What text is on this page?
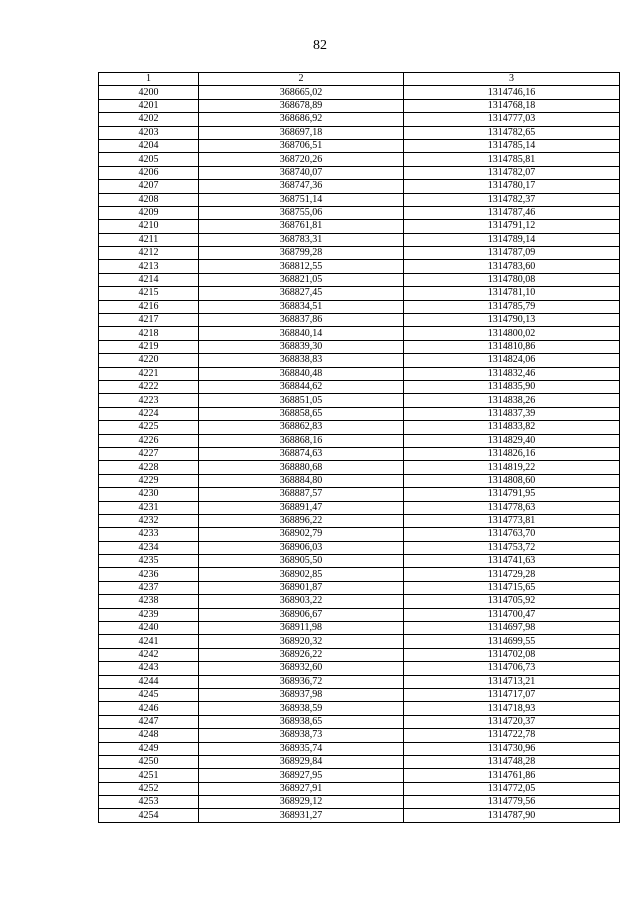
82
1	2	3
4200	368665,02	1314746,16
4201	368678,89	1314768,18
4202	368686,92	1314777,03
4203	368697,18	1314782,65
4204	368706,51	1314785,14
4205	368720,26	1314785,81
4206	368740,07	1314782,07
4207	368747,36	1314780,17
4208	368751,14	1314782,37
4209	368755,06	1314787,46
4210	368761,81	1314791,12
4211	368783,31	1314789,14
4212	368799,28	1314787,09
4213	368812,55	1314783,60
4214	368821,05	1314780,08
4215	368827,45	1314781,10
4216	368834,51	1314785,79
4217	368837,86	1314790,13
4218	368840,14	1314800,02
4219	368839,30	1314810,86
4220	368838,83	1314824,06
4221	368840,48	1314832,46
4222	368844,62	1314835,90
4223	368851,05	1314838,26
4224	368858,65	1314837,39
4225	368862,83	1314833,82
4226	368868,16	1314829,40
4227	368874,63	1314826,16
4228	368880,68	1314819,22
4229	368884,80	1314808,60
4230	368887,57	1314791,95
4231	368891,47	1314778,63
4232	368896,22	1314773,81
4233	368902,79	1314763,70
4234	368906,03	1314753,72
4235	368905,50	1314741,63
4236	368902,85	1314729,28
4237	368901,87	1314715,65
4238	368903,22	1314705,92
4239	368906,67	1314700,47
4240	368911,98	1314697,98
4241	368920,32	1314699,55
4242	368926,22	1314702,08
4243	368932,60	1314706,73
4244	368936,72	1314713,21
4245	368937,98	1314717,07
4246	368938,59	1314718,93
4247	368938,65	1314720,37
4248	368938,73	1314722,78
4249	368935,74	1314730,96
4250	368929,84	1314748,28
4251	368927,95	1314761,86
4252	368927,91	1314772,05
4253	368929,12	1314779,56
4254	368931,27	1314787,90
